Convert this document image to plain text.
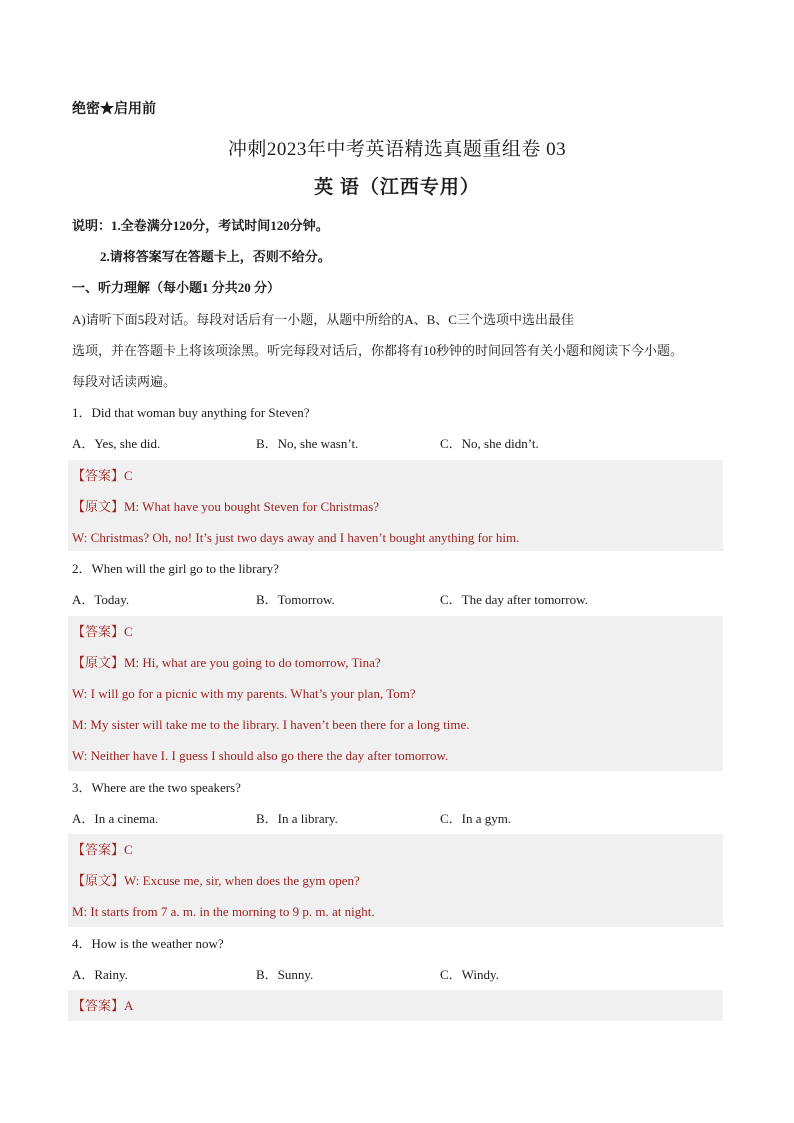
绝密★启用前
冲刺2023年中考英语精选真题重组卷 03
英 语（江西专用）
说明：1.全卷满分120分，考试时间120分钟。
2.请将答案写在答题卡上，否则不给分。
一、听力理解（每小题1 分共20 分）
A)请听下面5段对话。每段对话后有一小题，从题中所给的A、B、C三个选项中选出最佳
选项，并在答题卡上将该项涂黑。听完每段对话后，你都将有10秒钟的时间回答有关小题和阅读下今小题。
每段对话读两遍。
1．Did that woman buy anything for Steven?
A．Yes, she did.	B．No, she wasn’t.	C．No, she didn’t.
【答案】C
【原文】M: What have you bought Steven for Christmas?
W: Christmas? Oh, no! It’s just two days away and I haven’t bought anything for him.
2．When will the girl go to the library?
A．Today.	B．Tomorrow.	C．The day after tomorrow.
【答案】C
【原文】M: Hi, what are you going to do tomorrow, Tina?
W: I will go for a picnic with my parents. What’s your plan, Tom?
M: My sister will take me to the library. I haven’t been there for a long time.
W: Neither have I. I guess I should also go there the day after tomorrow.
3．Where are the two speakers?
A．In a cinema.	B．In a library.	C．In a gym.
【答案】C
【原文】W: Excuse me, sir, when does the gym open?
M: It starts from 7 a. m. in the morning to 9 p. m. at night.
4．How is the weather now?
A．Rainy.	B．Sunny.	C．Windy.
【答案】A
